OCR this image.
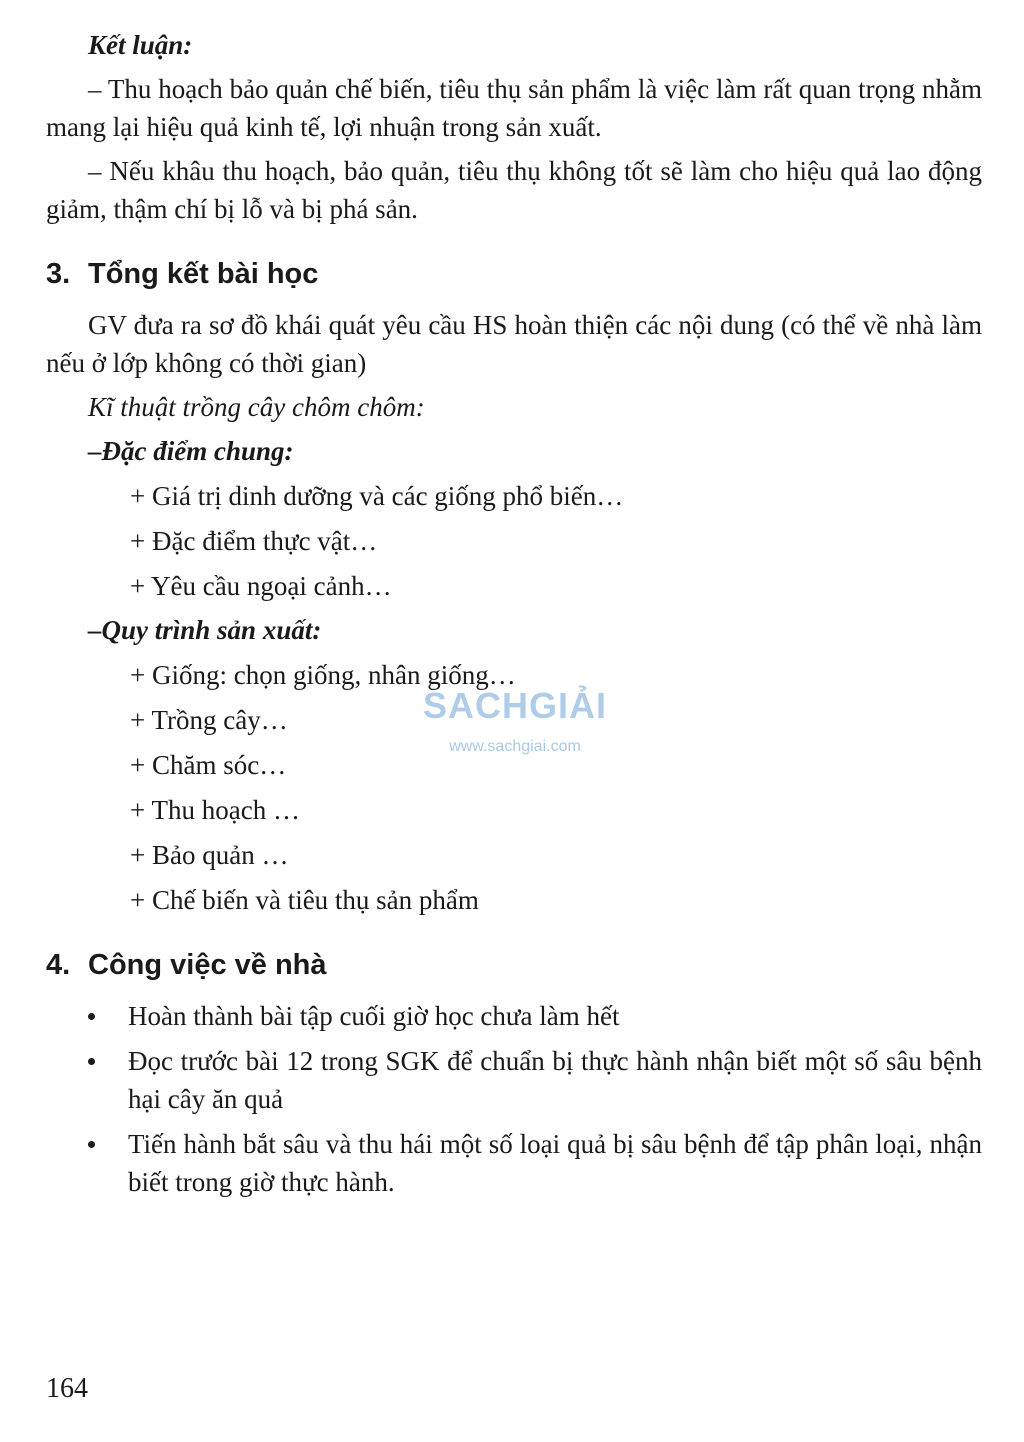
Kết luận:

– Thu hoạch bảo quản chế biến, tiêu thụ sản phẩm là việc làm rất quan trọng nhằm mang lại hiệu quả kinh tế, lợi nhuận trong sản xuất.

– Nếu khâu thu hoạch, bảo quản, tiêu thụ không tốt sẽ làm cho hiệu quả lao động giảm, thậm chí bị lỗ và bị phá sản.

3. Tổng kết bài học

GV đưa ra sơ đồ khái quát yêu cầu HS hoàn thiện các nội dung (có thể về nhà làm nếu ở lớp không có thời gian)

Kĩ thuật trồng cây chôm chôm:

–Đặc điểm chung:

+ Giá trị dinh dưỡng và các giống phổ biến…

+ Đặc điểm thực vật…

+ Yêu cầu ngoại cảnh…

–Quy trình sản xuất:

+ Giống: chọn giống, nhân giống…

+ Trồng cây…

+ Chăm sóc…

+ Thu hoạch …

+ Bảo quản …

+ Chế biến và tiêu thụ sản phẩm

4. Công việc về nhà
Hoàn thành bài tập cuối giờ học chưa làm hết
Đọc trước bài 12 trong SGK để chuẩn bị thực hành nhận biết một số sâu bệnh hại cây ăn quả
Tiến hành bắt sâu và thu hái một số loại quả bị sâu bệnh để tập phân loại, nhận biết trong giờ thực hành.
SACHGIẢI
www.sachgiai.com
164
